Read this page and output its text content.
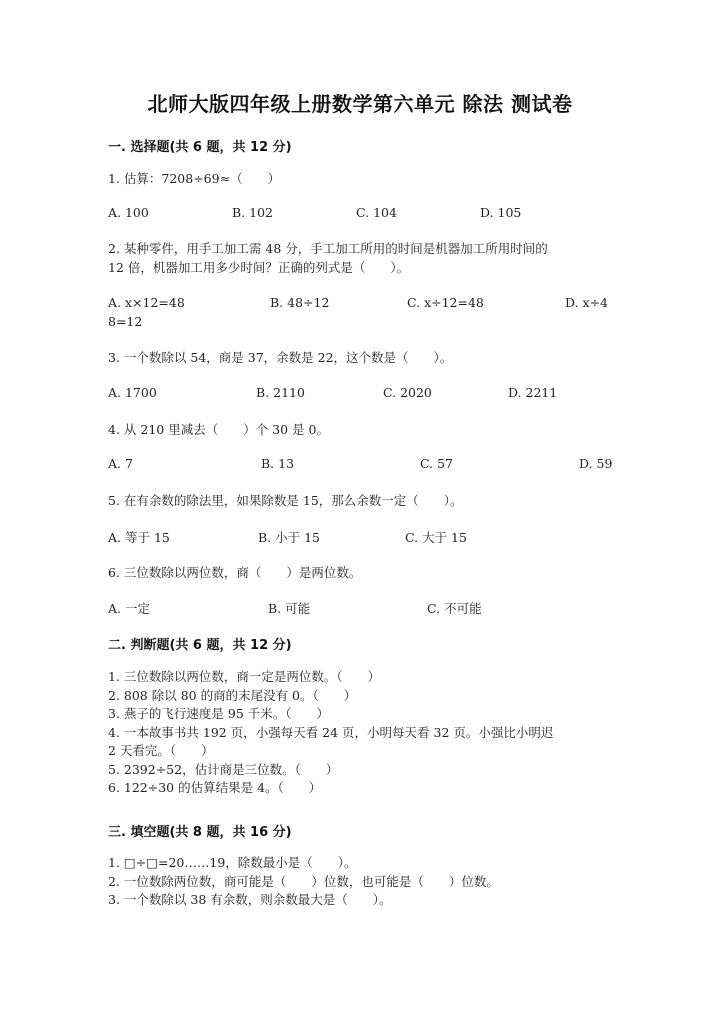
北师大版四年级上册数学第六单元 除法 测试卷
一. 选择题(共 6 题，共 12 分)
1. 估算：7208÷69≈（　　）
A. 100	B. 102	C. 104	D. 105
2. 某种零件，用手工加工需 48 分，手工加工所用的时间是机器加工所用时间的
12 倍，机器加工用多少时间？正确的列式是（　　）。
A. x×12=48	B. 48÷12	C. x÷12=48	D. x÷4
8=12
3. 一个数除以 54，商是 37，余数是 22，这个数是（　　）。
A. 1700	B. 2110	C. 2020	D. 2211
4. 从 210 里减去（　　）个 30 是 0。
A. 7	B. 13	C. 57	D. 59
5. 在有余数的除法里，如果除数是 15，那么余数一定（　　）。
A. 等于 15	B. 小于 15	C. 大于 15
6. 三位数除以两位数，商（　　）是两位数。
A. 一定	B. 可能	C. 不可能
二. 判断题(共 6 题，共 12 分)
1. 三位数除以两位数，商一定是两位数。（　　）
2. 808 除以 80 的商的末尾没有 0。（　　）
3. 燕子的飞行速度是 95 千米。（　　）
4. 一本故事书共 192 页，小强每天看 24 页，小明每天看 32 页。小强比小明迟
2 天看完。（　　）
5. 2392÷52，估计商是三位数。（　　）
6. 122÷30 的估算结果是 4。（　　）
三. 填空题(共 8 题，共 16 分)
1. □÷□=20……19，除数最小是（　　）。
2. 一位数除两位数，商可能是（　　）位数，也可能是（　　）位数。
3. 一个数除以 38 有余数，则余数最大是（　　）。
